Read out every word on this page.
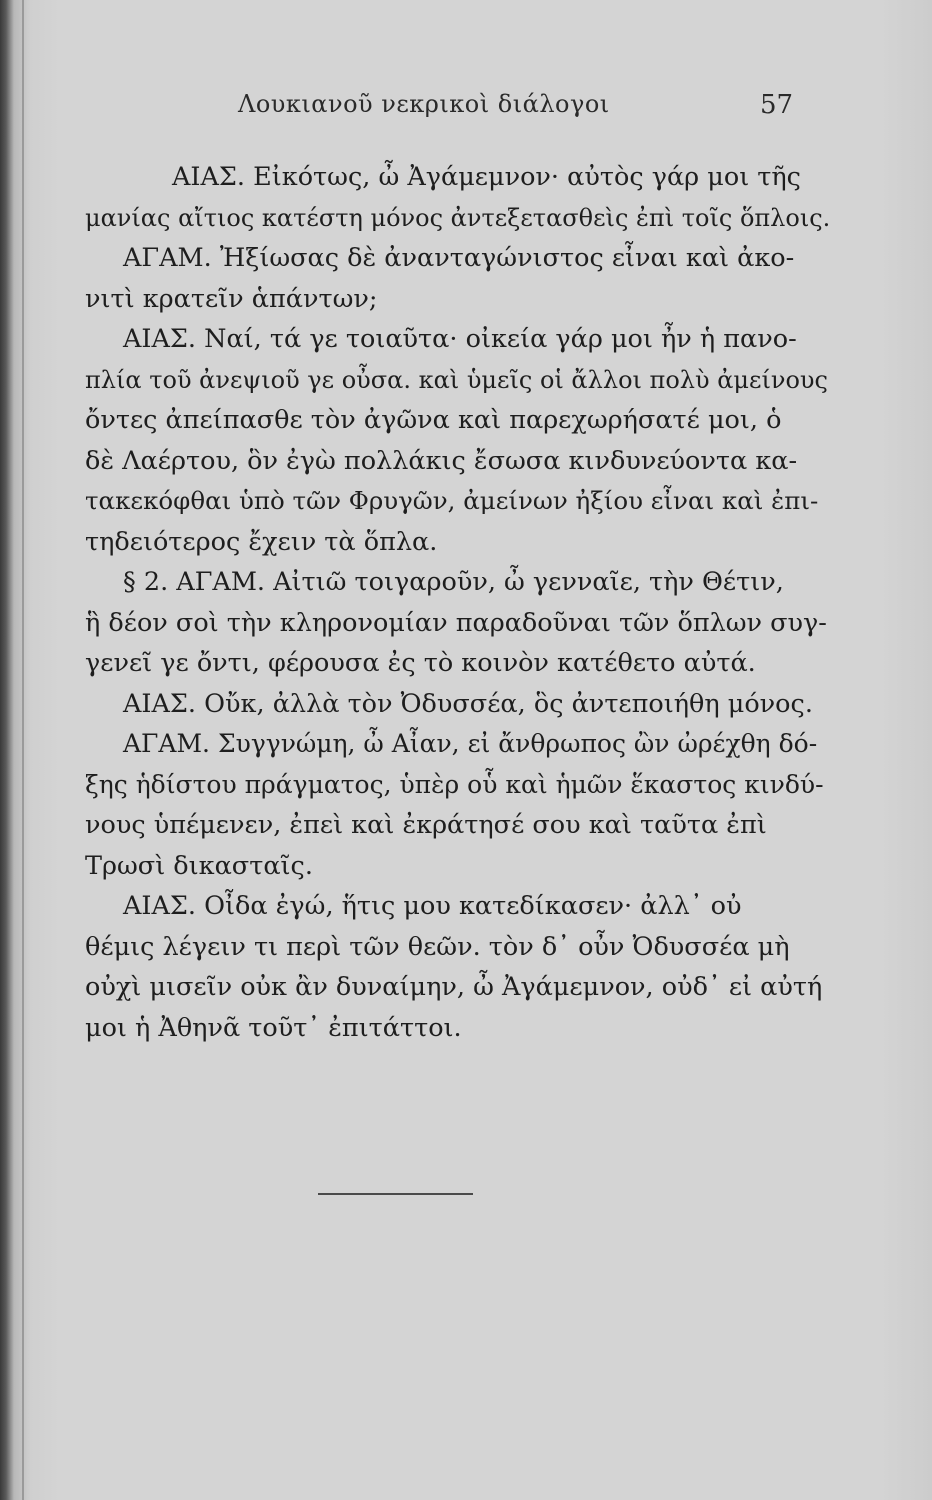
Λουκιανοῦ νεκρικοὶ διάλογοι	57
ΑΙΑΣ. Εἰκότως, ὦ Ἀγάμεμνον· αὐτὸς γάρ μοι τῆς
μανίας αἴτιος κατέστη μόνος ἀντεξετασθεὶς ἐπὶ τοῖς ὅπλοις.
ΑΓΑΜ. Ἠξίωσας δὲ ἀνανταγώνιστος εἶναι καὶ ἀκο-
νιτὶ κρατεῖν ἁπάντων;
ΑΙΑΣ. Ναί, τά γε τοιαῦτα· οἰκεία γάρ μοι ἦν ἡ πανο-
πλία τοῦ ἀνεψιοῦ γε οὖσα. καὶ ὑμεῖς οἱ ἄλλοι πολὺ ἀμείνους
ὄντες ἀπείπασθε τὸν ἀγῶνα καὶ παρεχωρήσατέ μοι, ὁ
δὲ Λαέρτου, ὃν ἐγὼ πολλάκις ἔσωσα κινδυνεύοντα κα-
τακεκόφθαι ὑπὸ τῶν Φρυγῶν, ἀμείνων ἠξίου εἶναι καὶ ἐπι-
τηδειότερος ἔχειν τὰ ὅπλα.
§ 2. ΑΓΑΜ. Αἰτιῶ τοιγαροῦν, ὦ γενναῖε, τὴν Θέτιν,
ἣ δέον σοὶ τὴν κληρονομίαν παραδοῦναι τῶν ὅπλων συγ-
γενεῖ γε ὄντι, φέρουσα ἐς τὸ κοινὸν κατέθετο αὐτά.
ΑΙΑΣ. Οὔκ, ἀλλὰ τὸν Ὀδυσσέα, ὃς ἀντεποιήθη μόνος.
ΑΓΑΜ. Συγγνώμη, ὦ Αἶαν, εἰ ἄνθρωπος ὢν ὠρέχθη δό-
ξης ἡδίστου πράγματος, ὑπὲρ οὗ καὶ ἡμῶν ἕκαστος κινδύ-
νους ὑπέμενεν, ἐπεὶ καὶ ἐκράτησέ σου καὶ ταῦτα ἐπὶ
Τρωσὶ δικασταῖς.
ΑΙΑΣ. Οἶδα ἐγώ, ἥτις μου κατεδίκασεν· ἀλλ᾽ οὐ
θέμις λέγειν τι περὶ τῶν θεῶν. τὸν δ᾽ οὖν Ὀδυσσέα μὴ
οὐχὶ μισεῖν οὐκ ἂν δυναίμην, ὦ Ἀγάμεμνον, οὐδ᾽ εἰ αὐτή
μοι ἡ Ἀθηνᾶ τοῦτ᾽ ἐπιτάττοι.
